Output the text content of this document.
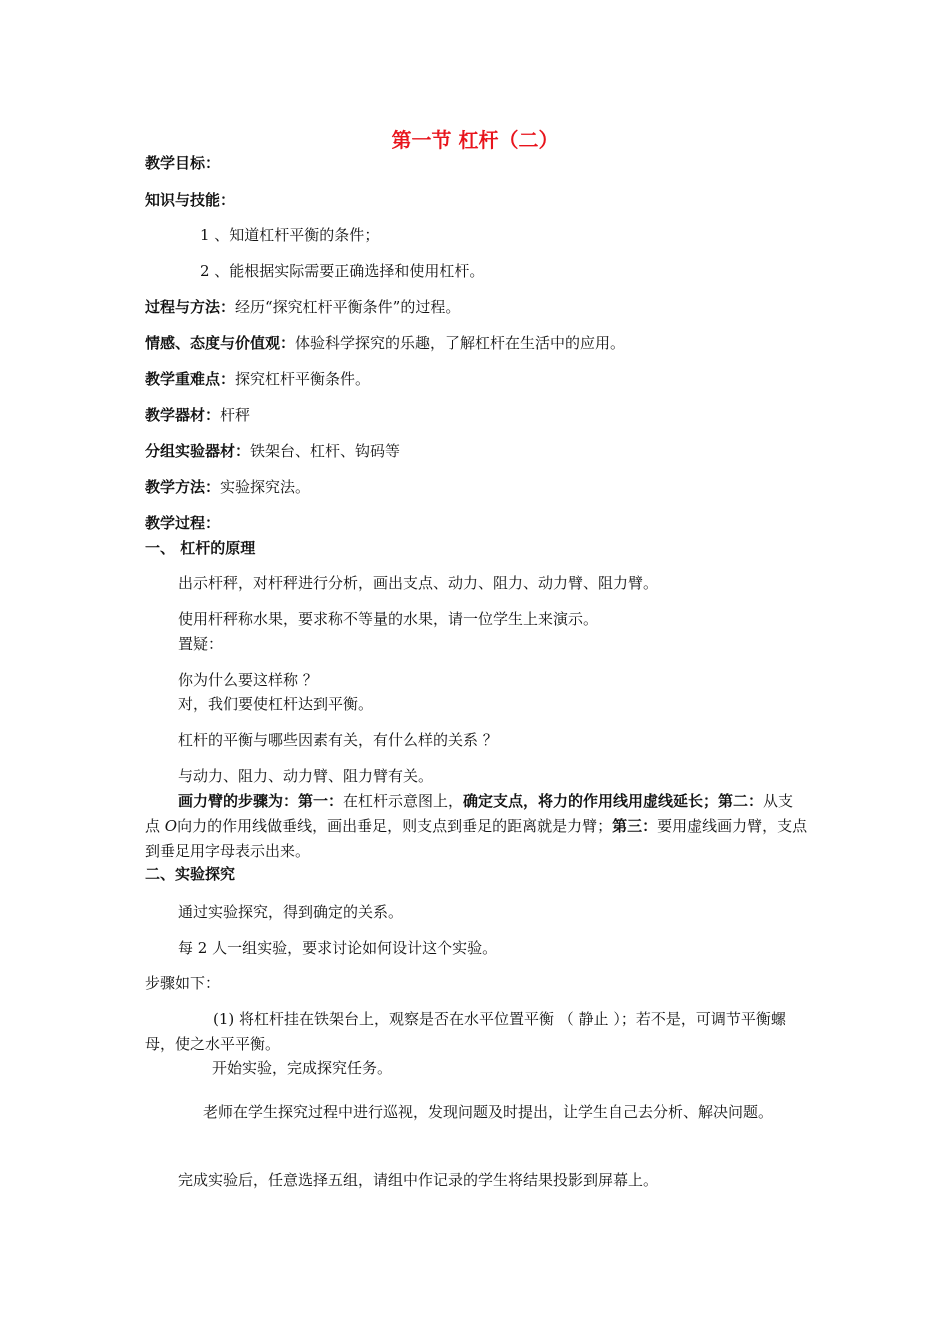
第一节 杠杆（二）
教学目标：
知识与技能：
1 、知道杠杆平衡的条件；
2 、能根据实际需要正确选择和使用杠杆。
过程与方法：经历“探究杠杆平衡条件”的过程。
情感、态度与价值观：体验科学探究的乐趣，了解杠杆在生活中的应用。
教学重难点：探究杠杆平衡条件。
教学器材：杆秤
分组实验器材：铁架台、杠杆、钩码等
教学方法：实验探究法。
教学过程：
一、 杠杆的原理
出示杆秤，对杆秤进行分析，画出支点、动力、阻力、动力臂、阻力臂。
使用杆秤称水果，要求称不等量的水果，请一位学生上来演示。
置疑：
你为什么要这样称 ？
对，我们要使杠杆达到平衡。
杠杆的平衡与哪些因素有关，有什么样的关系 ？
与动力、阻力、动力臂、阻力臂有关。
画力臂的步骤为：第一：在杠杆示意图上，确定支点，将力的作用线用虚线延长；第二：从支点 O向力的作用线做垂线，画出垂足，则支点到垂足的距离就是力臂；第三：要用虚线画力臂，支点到垂足用字母表示出来。
二、实验探究
通过实验探究，得到确定的关系。
每 2 人一组实验，要求讨论如何设计这个实验。
步骤如下：
(1) 将杠杆挂在铁架台上，观察是否在水平位置平衡 （ 静止 ）；若不是，可调节平衡螺母，使之水平平衡。
开始实验，完成探究任务。
老师在学生探究过程中进行巡视，发现问题及时提出，让学生自己去分析、解决问题。
完成实验后，任意选择五组，请组中作记录的学生将结果投影到屏幕上。
